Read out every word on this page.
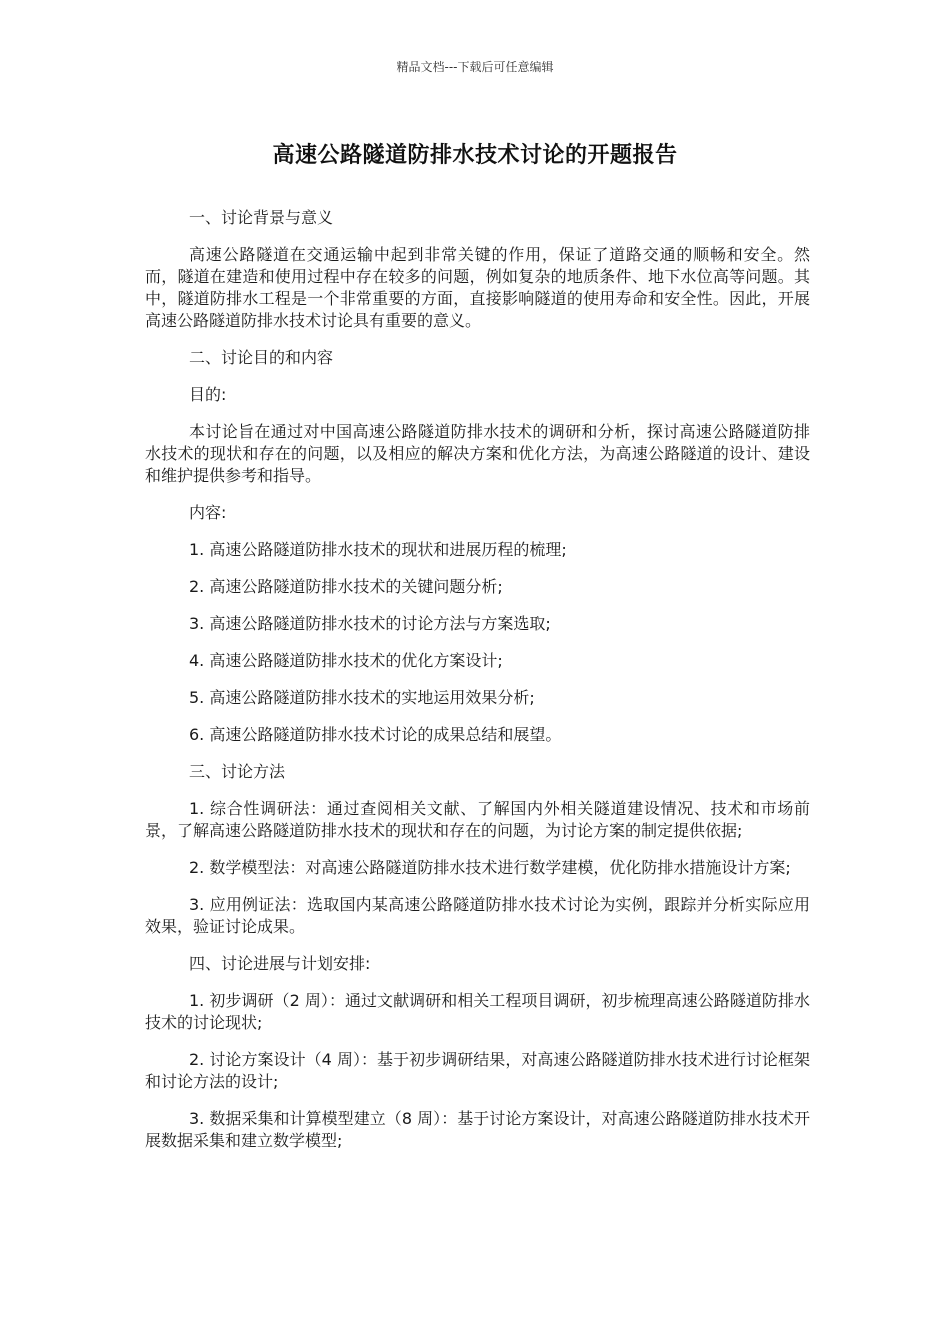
精品文档---下载后可任意编辑
高速公路隧道防排水技术讨论的开题报告

一、讨论背景与意义

高速公路隧道在交通运输中起到非常关键的作用，保证了道路交通的顺畅和安全。然而，隧道在建造和使用过程中存在较多的问题，例如复杂的地质条件、地下水位高等问题。其中，隧道防排水工程是一个非常重要的方面，直接影响隧道的使用寿命和安全性。因此，开展高速公路隧道防排水技术讨论具有重要的意义。

二、讨论目的和内容

目的:

本讨论旨在通过对中国高速公路隧道防排水技术的调研和分析，探讨高速公路隧道防排水技术的现状和存在的问题，以及相应的解决方案和优化方法，为高速公路隧道的设计、建设和维护提供参考和指导。

内容:

1. 高速公路隧道防排水技术的现状和进展历程的梳理;

2. 高速公路隧道防排水技术的关键问题分析;

3. 高速公路隧道防排水技术的讨论方法与方案选取;

4. 高速公路隧道防排水技术的优化方案设计;

5. 高速公路隧道防排水技术的实地运用效果分析;

6. 高速公路隧道防排水技术讨论的成果总结和展望。

三、讨论方法

1. 综合性调研法：通过查阅相关文献、了解国内外相关隧道建设情况、技术和市场前景，了解高速公路隧道防排水技术的现状和存在的问题，为讨论方案的制定提供依据;

2. 数学模型法：对高速公路隧道防排水技术进行数学建模，优化防排水措施设计方案;

3. 应用例证法：选取国内某高速公路隧道防排水技术讨论为实例，跟踪并分析实际应用效果，验证讨论成果。

四、讨论进展与计划安排:

1. 初步调研（2 周）：通过文献调研和相关工程项目调研，初步梳理高速公路隧道防排水技术的讨论现状;

2. 讨论方案设计（4 周）：基于初步调研结果，对高速公路隧道防排水技术进行讨论框架和讨论方法的设计;

3. 数据采集和计算模型建立（8 周）：基于讨论方案设计，对高速公路隧道防排水技术开展数据采集和建立数学模型;
